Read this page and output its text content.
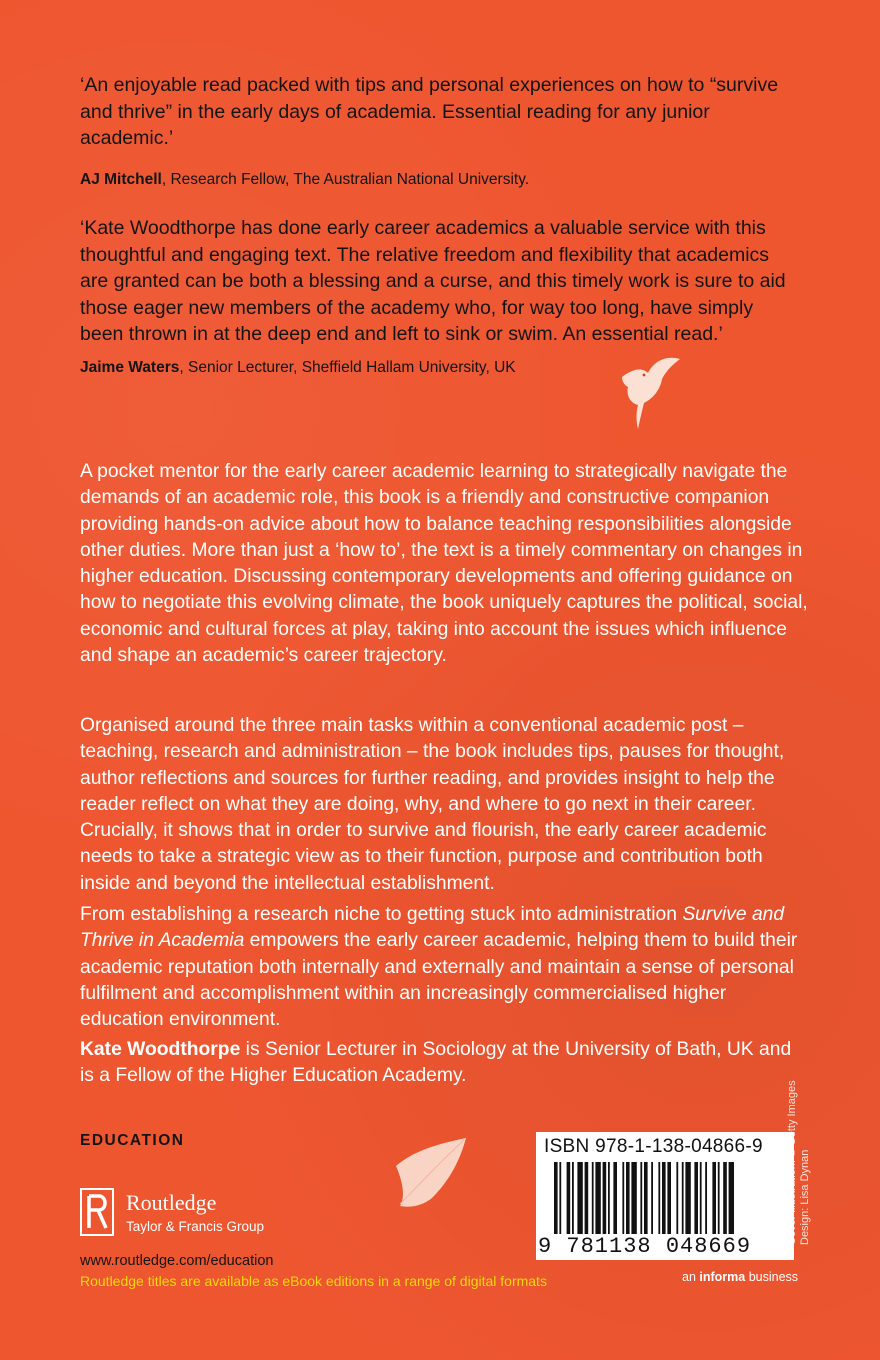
‘An enjoyable read packed with tips and personal experiences on how to “survive and thrive” in the early days of academia. Essential reading for any junior academic.’
AJ Mitchell, Research Fellow, The Australian National University.
‘Kate Woodthorpe has done early career academics a valuable service with this thoughtful and engaging text. The relative freedom and flexibility that academics are granted can be both a blessing and a curse, and this timely work is sure to aid those eager new members of the academy who, for way too long, have simply been thrown in at the deep end and left to sink or swim. An essential read.’
Jaime Waters, Senior Lecturer, Sheffield Hallam University, UK
A pocket mentor for the early career academic learning to strategically navigate the demands of an academic role, this book is a friendly and constructive companion providing hands-on advice about how to balance teaching responsibilities alongside other duties. More than just a ‘how to’, the text is a timely commentary on changes in higher education. Discussing contemporary developments and offering guidance on how to negotiate this evolving climate, the book uniquely captures the political, social, economic and cultural forces at play, taking into account the issues which influence and shape an academic’s career trajectory.
Organised around the three main tasks within a conventional academic post – teaching, research and administration – the book includes tips, pauses for thought, author reflections and sources for further reading, and provides insight to help the reader reflect on what they are doing, why, and where to go next in their career. Crucially, it shows that in order to survive and flourish, the early career academic needs to take a strategic view as to their function, purpose and contribution both inside and beyond the intellectual establishment.
From establishing a research niche to getting stuck into administration Survive and Thrive in Academia empowers the early career academic, helping them to build their academic reputation both internally and externally and maintain a sense of personal fulfilment and accomplishment within an increasingly commercialised higher education environment.
Kate Woodthorpe is Senior Lecturer in Sociology at the University of Bath, UK and is a Fellow of the Higher Education Academy.
EDUCATION
Routledge
Taylor & Francis Group
www.routledge.com/education
Routledge titles are available as eBook editions in a range of digital formats
ISBN 978-1-138-04866-9
9 781138 048669
an informa business
Cover illustration: © Getty Images Design: Lisa Dynan
